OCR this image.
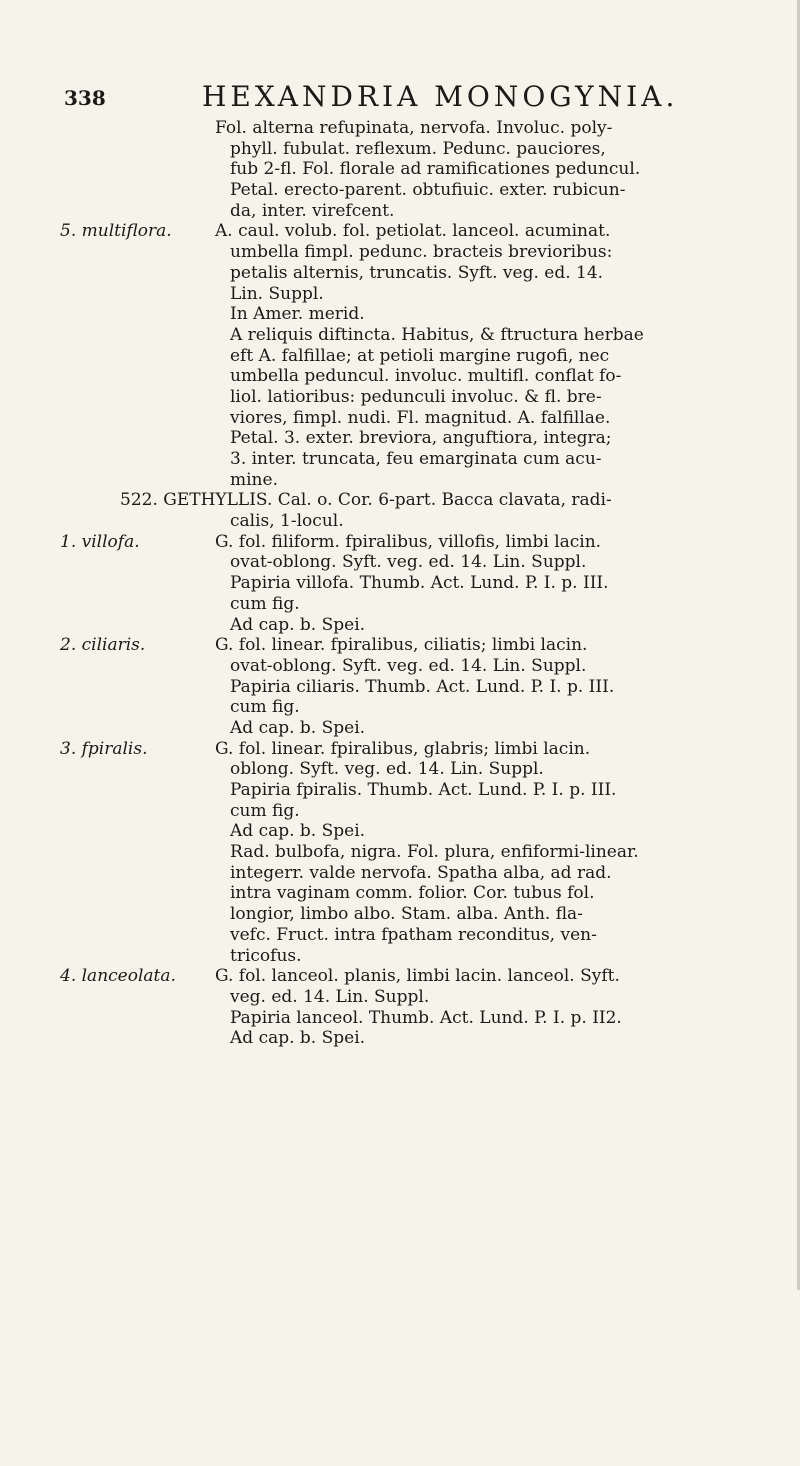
338	HEXANDRIA MONOGYNIA.
Fol. alterna refupinata, nervofa. Involuc. poly-
phyll. fubulat. reflexum. Pedunc. pauciores,
fub 2-fl. Fol. florale ad ramificationes peduncul.
Petal. erecto-parent. obtufiuic. exter. rubicun-
da, inter. virefcent.
5. multiflora.	A. caul. volub. fol. petiolat. lanceol. acuminat.
umbella fimpl. pedunc. bracteis brevioribus:
petalis alternis, truncatis. Syft. veg. ed. 14.
Lin. Suppl.
In Amer. merid.
A reliquis diftincta. Habitus, & ftructura herbae
eft A. falfillae; at petioli margine rugofi, nec
umbella peduncul. involuc. multifl. conflat fo-
liol. latioribus: pedunculi involuc. & fl. bre-
viores, fimpl. nudi. Fl. magnitud. A. falfillae.
Petal. 3. exter. breviora, anguftiora, integra;
3. inter. truncata, feu emarginata cum acu-
mine.
522. GETHYLLIS. Cal. o. Cor. 6-part. Bacca clavata, radi-
calis, 1-locul.
1. villofa.	G. fol. filiform. fpiralibus, villofis, limbi lacin.
ovat-oblong. Syft. veg. ed. 14. Lin. Suppl.
Papiria villofa. Thumb. Act. Lund. P. I. p. III.
cum fig.
Ad cap. b. Spei.
2. ciliaris.	G. fol. linear. fpiralibus, ciliatis; limbi lacin.
ovat-oblong. Syft. veg. ed. 14. Lin. Suppl.
Papiria ciliaris. Thumb. Act. Lund. P. I. p. III.
cum fig.
Ad cap. b. Spei.
3. fpiralis.	G. fol. linear. fpiralibus, glabris; limbi lacin.
oblong. Syft. veg. ed. 14. Lin. Suppl.
Papiria fpiralis. Thumb. Act. Lund. P. I. p. III.
cum fig.
Ad cap. b. Spei.
Rad. bulbofa, nigra. Fol. plura, enfiformi-linear.
integerr. valde nervofa. Spatha alba, ad rad.
intra vaginam comm. folior. Cor. tubus fol.
longior, limbo albo. Stam. alba. Anth. fla-
vefc. Fruct. intra fpatham reconditus, ven-
tricofus.
4. lanceolata. G. fol. lanceol. planis, limbi lacin. lanceol. Syft.
veg. ed. 14. Lin. Suppl.
Papiria lanceol. Thumb. Act. Lund. P. I. p. II2.
Ad cap. b. Spei.
